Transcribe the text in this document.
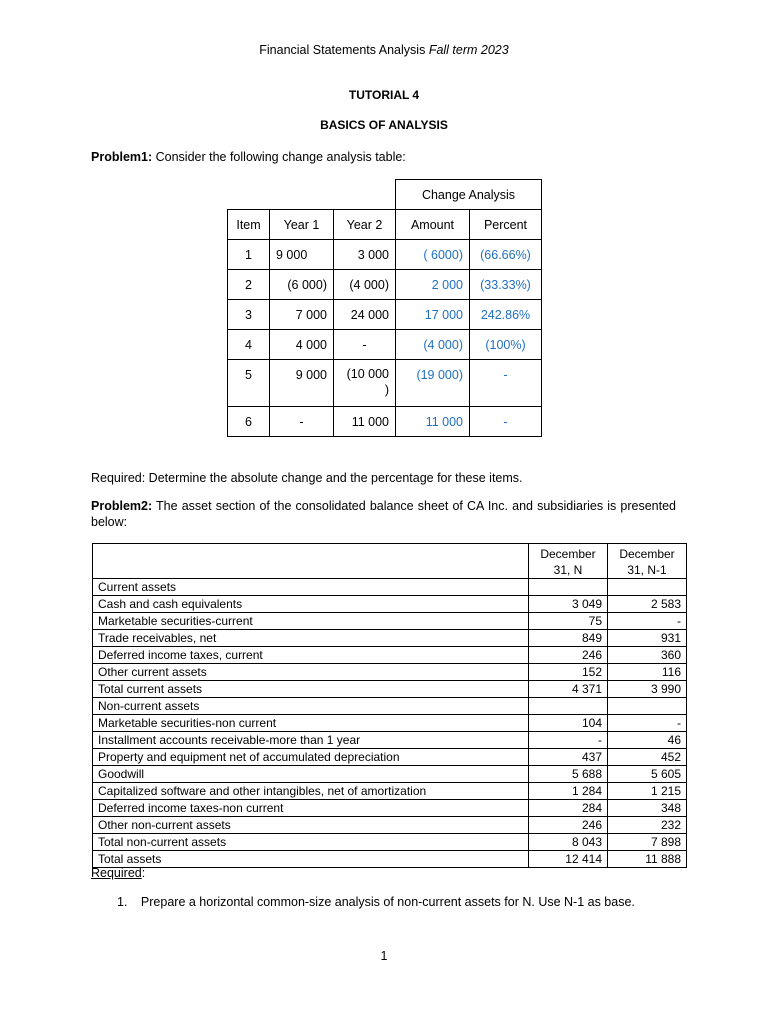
Financial Statements Analysis Fall term 2023
TUTORIAL 4
BASICS OF ANALYSIS
Problem1: Consider the following change analysis table:
			Change Analysis	
Item	Year 1	Year 2	Amount	Percent
1	9 000	3 000	( 6000)	(66.66%)
2	(6 000)	(4 000)	2 000	(33.33%)
3	7 000	24 000	17 000	242.86%
4	4 000	-	(4 000)	(100%)
5	9 000	(10 000 )	(19 000)	-
6	-	11 000	11 000	-
Required: Determine the absolute change and the percentage for these items.
Problem2: The asset section of the consolidated balance sheet of CA Inc. and subsidiaries is presented below:
	December 31, N	December 31, N-1
Current assets		
Cash and cash equivalents	3 049	2 583
Marketable securities-current	75	-
Trade receivables, net	849	931
Deferred income taxes, current	246	360
Other current assets	152	116
Total current assets	4 371	3 990
Non-current assets		
Marketable securities-non current	104	-
Installment accounts receivable-more than 1 year	-	46
Property and equipment net of accumulated depreciation	437	452
Goodwill	5 688	5 605
Capitalized software and other intangibles, net of amortization	1 284	1 215
Deferred income taxes-non current	284	348
Other non-current assets	246	232
Total non-current assets	8 043	7 898
Total assets	12 414	11 888
Required:
1. Prepare a horizontal common-size analysis of non-current assets for N. Use N-1 as base.
1
